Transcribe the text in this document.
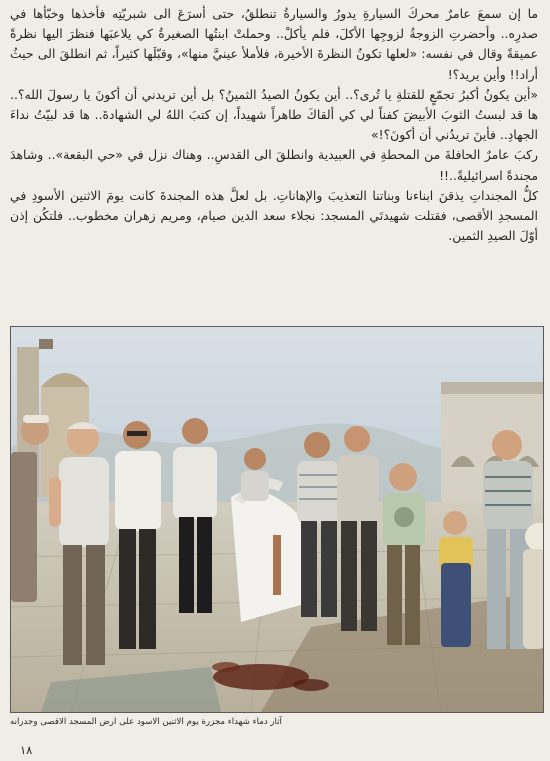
ما إن سمعَ عامرٌ محركَ السيارةِ يدورُ والسيارةُ تنطلقُ، حتى أسرَعَ الى شبريّتِه فأخذها وخبّأها في صدرِه.. وأحضرتِ الزوجةُ لزوجِها الأكلَ، فلم يأكلْ.. وحملتْ ابنتُها الصغيرةُ كي يلاعبَها فنظرَ اليها نظرةً عميقةً وقال في نفسه: «لعلها تكونُ النظرةَ الأخيرة، فلأملأ عينيَّ منها»، وقبّلَها كثيراً، ثم انطلقَ الى حيثُ أراد!! وأين يريد؟!

«أين يكونُ أكبرُ تجمّعٍ للقتلةِ يا تُرى؟.. أين يكونُ الصيدُ الثمينُ؟ بل أين تريدني أن أكونَ يا رسولَ الله؟.. ها قد لبستُ الثوبَ الأبيضَ كفناً لي كي ألقاكَ طاهراً شهيداً، إن كتبَ اللهُ لي الشهادةَ.. ها قد لبيّتُ نداءَ الجهادِ.. فأينَ تريدُني أن أكونَ؟!»

ركبَ عامرٌ الحافلةَ من المحطةِ في العبيدية وانطلقَ الى القدسِ.. وهناك نزل في «حي البقعة».. وشاهدَ مجندةً اسرائيليةً..!!

كلُّ المجنداتِ يذقنَ ابناءنا وبناتنا التعذيبَ والإهاناتِ. بل لعلَّ هذه المجندةَ كانت يومَ الاثنين الأسودِ في المسجدِ الأقصى، فقتلت شهيدتَي المسجد: نجلاء سعد الدين صيام، ومريم زهران مخطوب.. فلتكُن إذن أوّلَ الصيدِ الثمين.

آثار دماء شهداء مجزرة يوم الاثنين الاسود على ارض المسجد الاقصى وجدرانه
١٨
